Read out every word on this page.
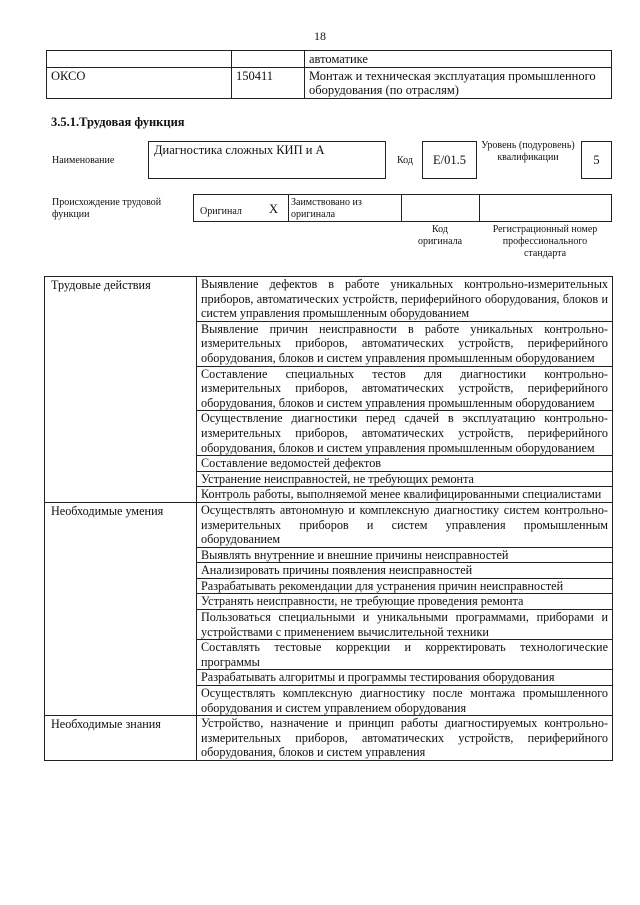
18
		автоматике
ОКСО	150411	Монтаж и техническая эксплуатация промышленного оборудования (по отраслям)
3.5.1.Трудовая функция
Наименование
Диагностика сложных КИП и А
Код	E/01.5
Уровень (подуровень) квалификации	5
Происхождение трудовой функции	Оригинал X Заимствовано из оригинала
Код оригинала
Регистрационный номер профессионального стандарта
Трудовые действия	Выявление дефектов в работе уникальных контрольно-измерительных приборов, автоматических устройств, периферийного оборудования, блоков и систем управления промышленным оборудованием
	Выявление причин неисправности в работе уникальных контрольно-измерительных приборов, автоматических устройств, периферийного оборудования, блоков и систем управления промышленным оборудованием
	Составление специальных тестов для диагностики контрольно-измерительных приборов, автоматических устройств, периферийного оборудования, блоков и систем управления промышленным оборудованием
	Осуществление диагностики перед сдачей в эксплуатацию контрольно-измерительных приборов, автоматических устройств, периферийного оборудования, блоков и систем управления промышленным оборудованием
	Составление ведомостей дефектов
	Устранение неисправностей, не требующих ремонта
	Контроль работы, выполняемой менее квалифицированными специалистами
Необходимые умения	Осуществлять автономную и комплексную диагностику систем контрольно-измерительных приборов и систем управления промышленным оборудованием
	Выявлять внутренние и внешние причины неисправностей
	Анализировать причины появления неисправностей
	Разрабатывать рекомендации для устранения причин неисправностей
	Устранять неисправности, не требующие проведения ремонта
	Пользоваться специальными и уникальными программами, приборами и устройствами с применением вычислительной техники
	Составлять тестовые коррекции и корректировать технологические программы
	Разрабатывать алгоритмы и программы тестирования оборудования
	Осуществлять комплексную диагностику после монтажа промышленного оборудования и систем управлением оборудования
Необходимые знания	Устройство, назначение и принцип работы диагностируемых контрольно-измерительных приборов, автоматических устройств, периферийного оборудования, блоков и систем управления
